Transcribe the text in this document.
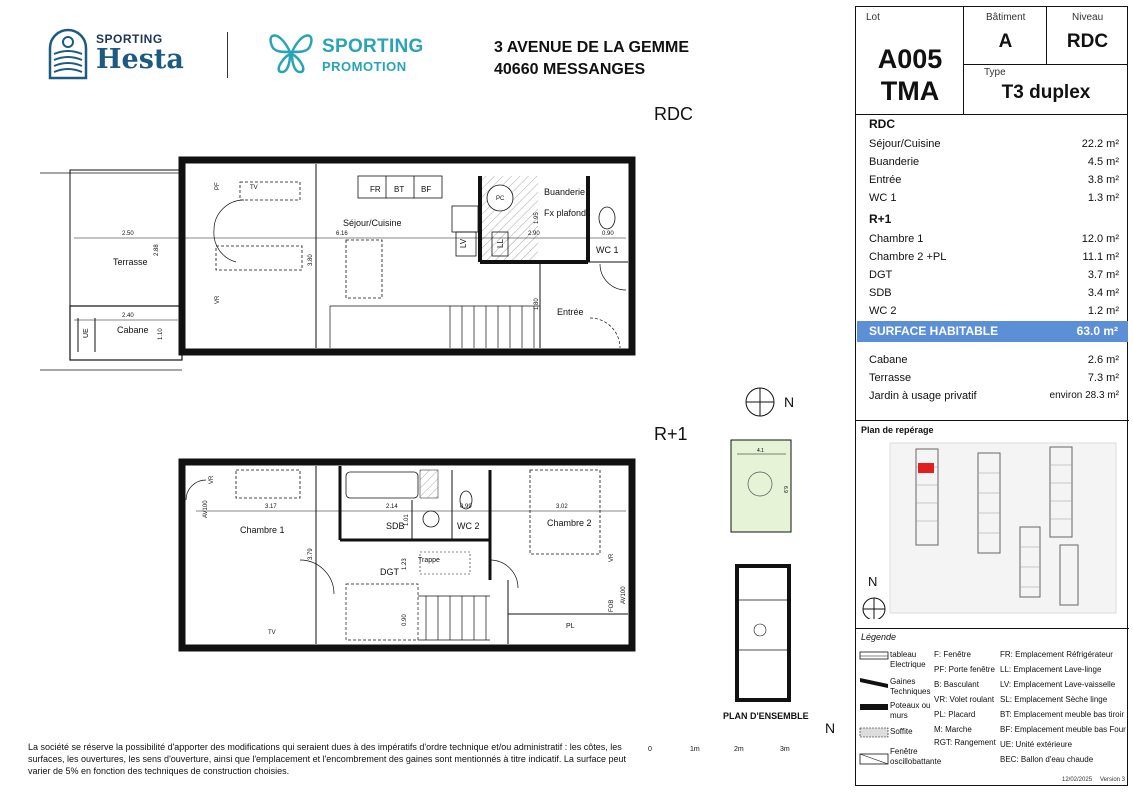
SPORTING
Hesta	SPORTING
PROMOTION
3 AVENUE DE LA GEMME
40660 MESSANGES
RDC
R+1
2.50
2.88
2.40
1.10
6.16
3.80
1.95
2.90	0.90
1.80
FR BT BF
PC
LV	LL
PF	TV
VR
UE
Terrasse
Cabane
Séjour/Cuisine
Buanderie
Fx plafond
WC 1
Entrée
3.17
3.79
2.14
1.01
0.99	3.02
1.23
0.90
VR
AV100
TV
VR
FOB
AV100
PL
Chambre 1
Chambre 2
SDB	WC 2
DGT
Trappe
4.1
6.9
N
PLAN D'ENSEMBLE
N
0	1m	2m	3m
La société se réserve la possibilité d'apporter des modifications qui seraient dues à des impératifs d'ordre technique et/ou administratif : les côtes, les surfaces, les ouvertures, les sens d'ouverture, ainsi que l'emplacement et l'encombrement des gaines sont mentionnés à titre indicatif. La surface peut varier de 5% en fonction des techniques de construction choisies.
Lot
A005
TMA
Bâtiment
A
Niveau
RDC
Type
T3 duplex
RDC
Séjour/Cuisine	22.2 m²
Buanderie	4.5 m²
Entrée	3.8 m²
WC 1	1.3 m²
R+1
Chambre 1	12.0 m²
Chambre 2 +PL	11.1 m²
DGT	3.7 m²
SDB	3.4 m²
WC 2	1.2 m²
SURFACE HABITABLE	63.0 m²
Cabane	2.6 m²
Terrasse	7.3 m²
Jardin à usage privatif	environ 28.3 m²
Plan de repérage
N
Légende
tableau Electrique
Gaines Techniques
Poteaux ou murs
Soffite
Fenêtre oscillobattante
F: Fenêtre
PF: Porte fenêtre
B: Basculant
VR: Volet roulant
PL: Placard
M: Marche
RGT: Rangement
FR: Emplacement Réfrigérateur
LL: Emplacement Lave-linge
LV: Emplacement Lave-vaisselle
SL: Emplacement Sèche linge
BT: Emplacement meuble bas tiroir
BF: Emplacement meuble bas Four
UE: Unité extérieure
BEC: Ballon d'eau chaude
12/02/2025 Version 3
